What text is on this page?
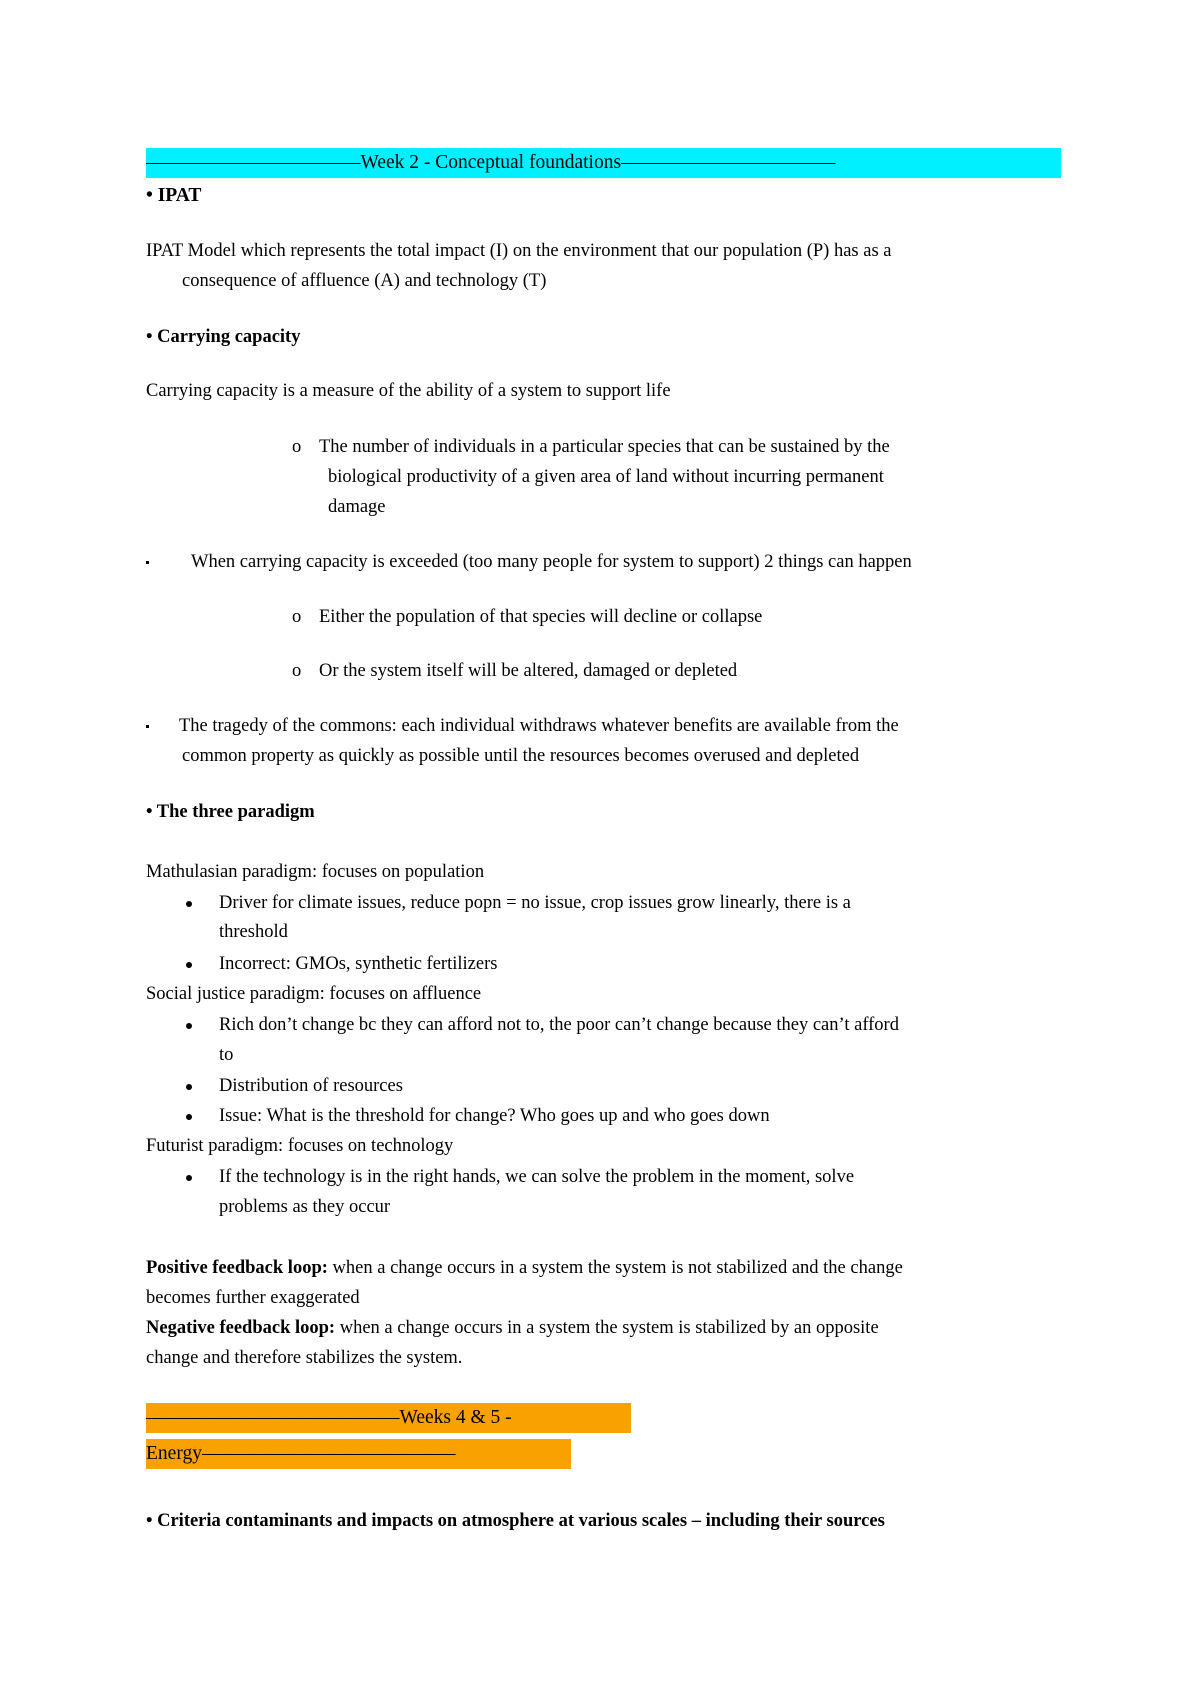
––––––––––––––––––––––Week 2 - Conceptual foundations––––––––––––––––––––––
• IPAT
IPAT Model which represents the total impact (I) on the environment that our population (P) has as a
consequence of affluence (A) and technology (T)
• Carrying capacity
Carrying capacity is a measure of the ability of a system to support life
o The number of individuals in a particular species that can be sustained by the
biological productivity of a given area of land without incurring permanent
damage
When carrying capacity is exceeded (too many people for system to support) 2 things can happen
o Either the population of that species will decline or collapse
o Or the system itself will be altered, damaged or depleted
The tragedy of the commons: each individual withdraws whatever benefits are available from the
common property as quickly as possible until the resources becomes overused and depleted
• The three paradigm
Mathulasian paradigm: focuses on population
Driver for climate issues, reduce popn = no issue, crop issues grow linearly, there is a
threshold
Incorrect: GMOs, synthetic fertilizers
Social justice paradigm: focuses on affluence
Rich don’t change bc they can afford not to, the poor can’t change because they can’t afford
to
Distribution of resources
Issue: What is the threshold for change? Who goes up and who goes down
Futurist paradigm: focuses on technology
If the technology is in the right hands, we can solve the problem in the moment, solve
problems as they occur
Positive feedback loop: when a change occurs in a system the system is not stabilized and the change
becomes further exaggerated
Negative feedback loop: when a change occurs in a system the system is stabilized by an opposite
change and therefore stabilizes the system.
––––––––––––––––––––––––––Weeks 4 & 5 -
Energy––––––––––––––––––––––––––
• Criteria contaminants and impacts on atmosphere at various scales – including their sources
